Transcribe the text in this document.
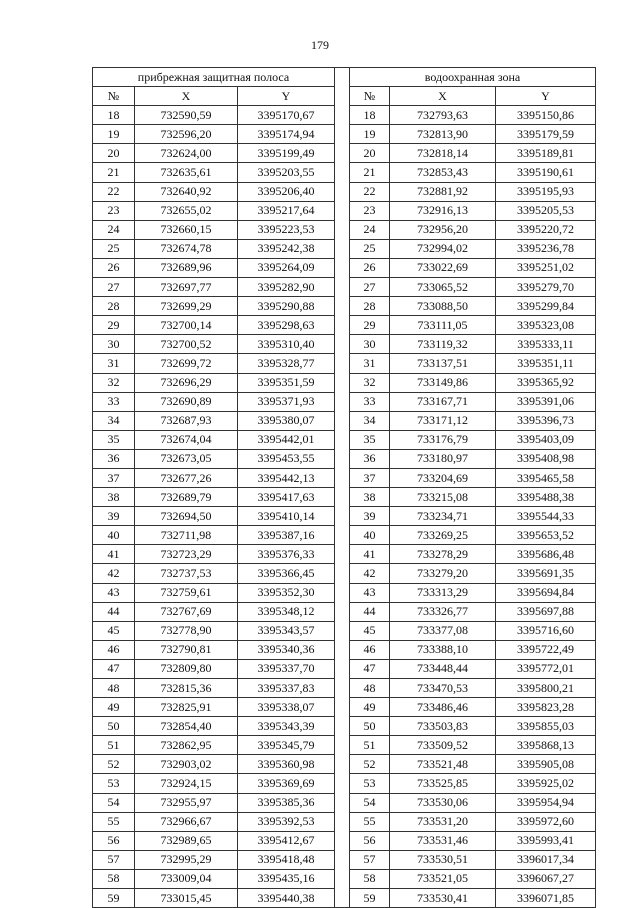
179
прибрежная защитная полоса				водоохранная зона		
№	X	Y		№	X	Y
18	732590,59	3395170,67		18	732793,63	3395150,86
19	732596,20	3395174,94		19	732813,90	3395179,59
20	732624,00	3395199,49		20	732818,14	3395189,81
21	732635,61	3395203,55		21	732853,43	3395190,61
22	732640,92	3395206,40		22	732881,92	3395195,93
23	732655,02	3395217,64		23	732916,13	3395205,53
24	732660,15	3395223,53		24	732956,20	3395220,72
25	732674,78	3395242,38		25	732994,02	3395236,78
26	732689,96	3395264,09		26	733022,69	3395251,02
27	732697,77	3395282,90		27	733065,52	3395279,70
28	732699,29	3395290,88		28	733088,50	3395299,84
29	732700,14	3395298,63		29	733111,05	3395323,08
30	732700,52	3395310,40		30	733119,32	3395333,11
31	732699,72	3395328,77		31	733137,51	3395351,11
32	732696,29	3395351,59		32	733149,86	3395365,92
33	732690,89	3395371,93		33	733167,71	3395391,06
34	732687,93	3395380,07		34	733171,12	3395396,73
35	732674,04	3395442,01		35	733176,79	3395403,09
36	732673,05	3395453,55		36	733180,97	3395408,98
37	732677,26	3395442,13		37	733204,69	3395465,58
38	732689,79	3395417,63		38	733215,08	3395488,38
39	732694,50	3395410,14		39	733234,71	3395544,33
40	732711,98	3395387,16		40	733269,25	3395653,52
41	732723,29	3395376,33		41	733278,29	3395686,48
42	732737,53	3395366,45		42	733279,20	3395691,35
43	732759,61	3395352,30		43	733313,29	3395694,84
44	732767,69	3395348,12		44	733326,77	3395697,88
45	732778,90	3395343,57		45	733377,08	3395716,60
46	732790,81	3395340,36		46	733388,10	3395722,49
47	732809,80	3395337,70		47	733448,44	3395772,01
48	732815,36	3395337,83		48	733470,53	3395800,21
49	732825,91	3395338,07		49	733486,46	3395823,28
50	732854,40	3395343,39		50	733503,83	3395855,03
51	732862,95	3395345,79		51	733509,52	3395868,13
52	732903,02	3395360,98		52	733521,48	3395905,08
53	732924,15	3395369,69		53	733525,85	3395925,02
54	732955,97	3395385,36		54	733530,06	3395954,94
55	732966,67	3395392,53		55	733531,20	3395972,60
56	732989,65	3395412,67		56	733531,46	3395993,41
57	732995,29	3395418,48		57	733530,51	3396017,34
58	733009,04	3395435,16		58	733521,05	3396067,27
59	733015,45	3395440,38		59	733530,41	3396071,85
